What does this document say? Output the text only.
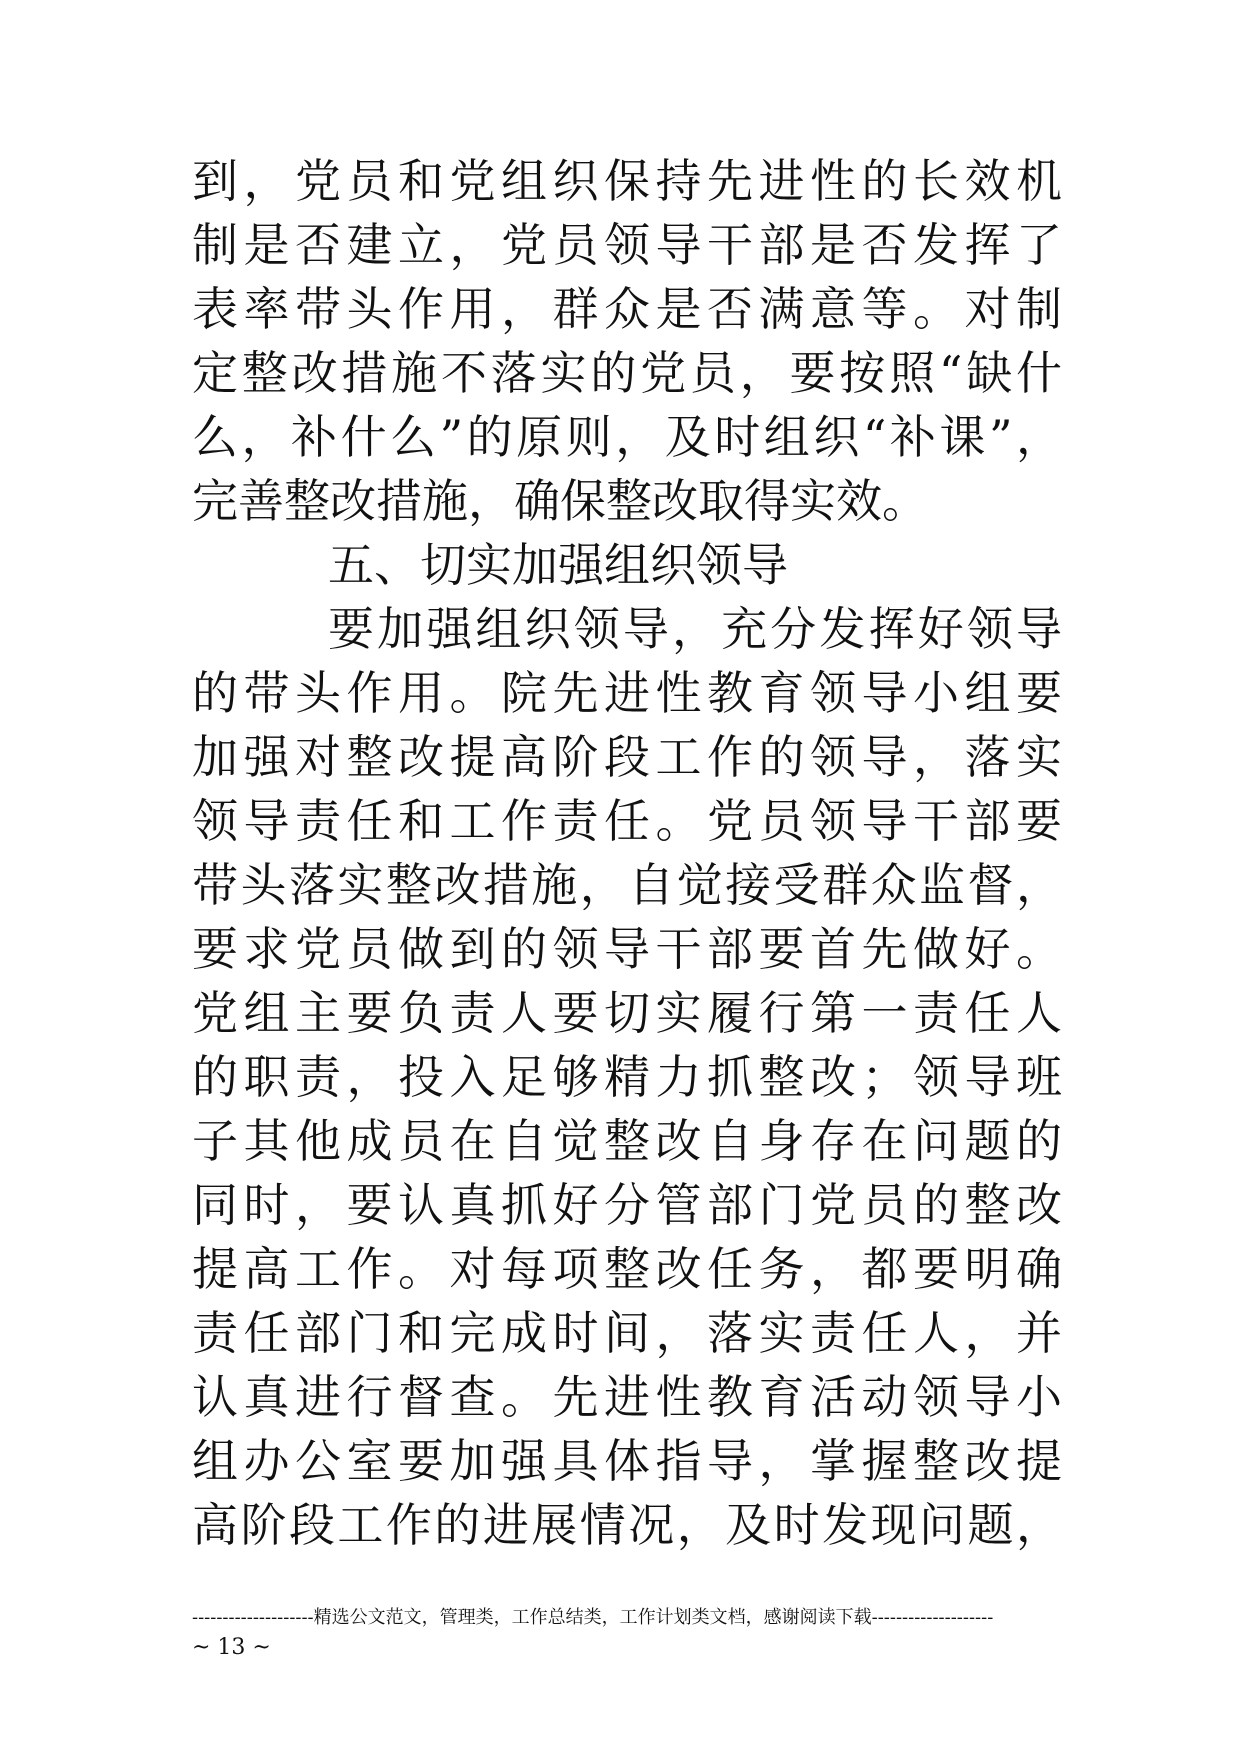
到，党员和党组织保持先进性的长效机
制是否建立，党员领导干部是否发挥了
表率带头作用，群众是否满意等。对制
定整改措施不落实的党员，要按照“缺什
么，补什么”的原则，及时组织“补课”，
完善整改措施，确保整改取得实效。
五、切实加强组织领导
要加强组织领导，充分发挥好领导
的带头作用。院先进性教育领导小组要
加强对整改提高阶段工作的领导，落实
领导责任和工作责任。党员领导干部要
带头落实整改措施，自觉接受群众监督，
要求党员做到的领导干部要首先做好。
党组主要负责人要切实履行第一责任人
的职责，投入足够精力抓整改；领导班
子其他成员在自觉整改自身存在问题的
同时，要认真抓好分管部门党员的整改
提高工作。对每项整改任务，都要明确
责任部门和完成时间，落实责任人，并
认真进行督查。先进性教育活动领导小
组办公室要加强具体指导，掌握整改提
高阶段工作的进展情况，及时发现问题，
--------------------精选公文范文，管理类，工作总结类，工作计划类文档，感谢阅读下载--------------------
~ 13 ~
